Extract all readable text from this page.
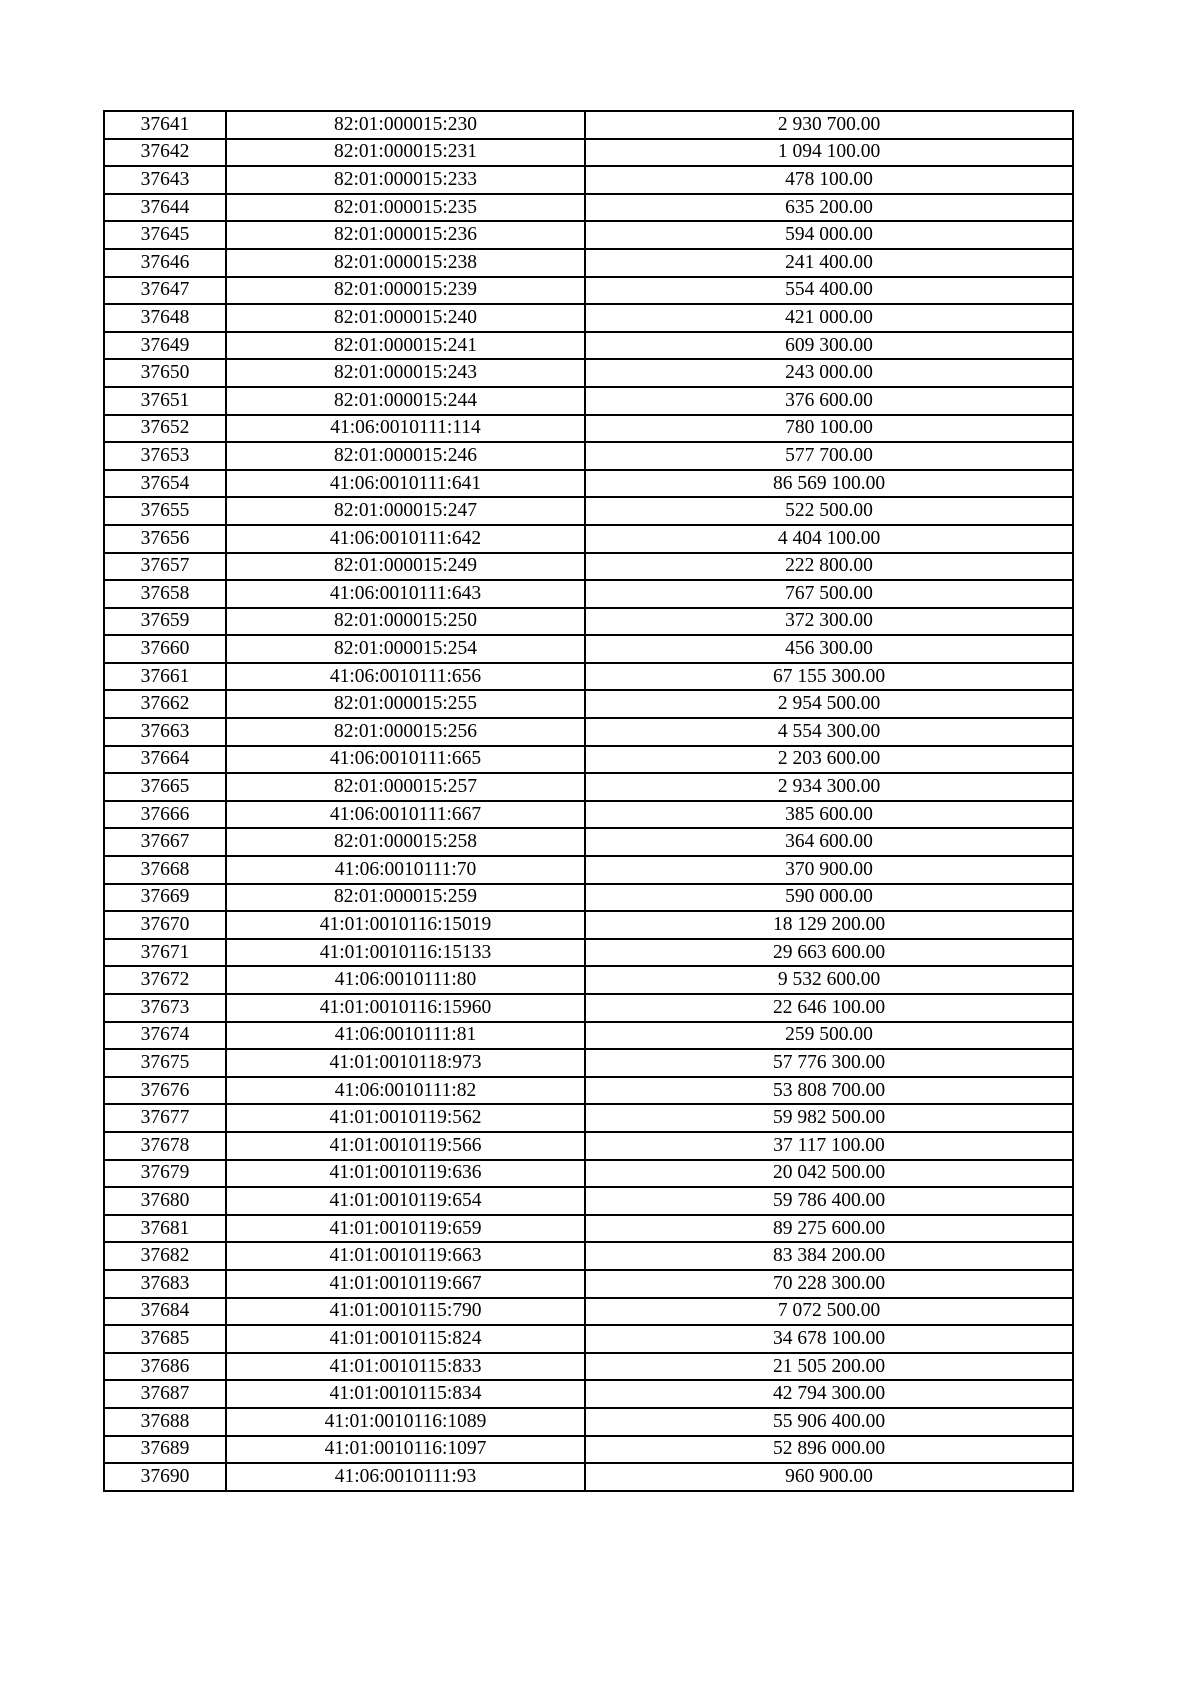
37641	82:01:000015:230	2 930 700.00
37642	82:01:000015:231	1 094 100.00
37643	82:01:000015:233	478 100.00
37644	82:01:000015:235	635 200.00
37645	82:01:000015:236	594 000.00
37646	82:01:000015:238	241 400.00
37647	82:01:000015:239	554 400.00
37648	82:01:000015:240	421 000.00
37649	82:01:000015:241	609 300.00
37650	82:01:000015:243	243 000.00
37651	82:01:000015:244	376 600.00
37652	41:06:0010111:114	780 100.00
37653	82:01:000015:246	577 700.00
37654	41:06:0010111:641	86 569 100.00
37655	82:01:000015:247	522 500.00
37656	41:06:0010111:642	4 404 100.00
37657	82:01:000015:249	222 800.00
37658	41:06:0010111:643	767 500.00
37659	82:01:000015:250	372 300.00
37660	82:01:000015:254	456 300.00
37661	41:06:0010111:656	67 155 300.00
37662	82:01:000015:255	2 954 500.00
37663	82:01:000015:256	4 554 300.00
37664	41:06:0010111:665	2 203 600.00
37665	82:01:000015:257	2 934 300.00
37666	41:06:0010111:667	385 600.00
37667	82:01:000015:258	364 600.00
37668	41:06:0010111:70	370 900.00
37669	82:01:000015:259	590 000.00
37670	41:01:0010116:15019	18 129 200.00
37671	41:01:0010116:15133	29 663 600.00
37672	41:06:0010111:80	9 532 600.00
37673	41:01:0010116:15960	22 646 100.00
37674	41:06:0010111:81	259 500.00
37675	41:01:0010118:973	57 776 300.00
37676	41:06:0010111:82	53 808 700.00
37677	41:01:0010119:562	59 982 500.00
37678	41:01:0010119:566	37 117 100.00
37679	41:01:0010119:636	20 042 500.00
37680	41:01:0010119:654	59 786 400.00
37681	41:01:0010119:659	89 275 600.00
37682	41:01:0010119:663	83 384 200.00
37683	41:01:0010119:667	70 228 300.00
37684	41:01:0010115:790	7 072 500.00
37685	41:01:0010115:824	34 678 100.00
37686	41:01:0010115:833	21 505 200.00
37687	41:01:0010115:834	42 794 300.00
37688	41:01:0010116:1089	55 906 400.00
37689	41:01:0010116:1097	52 896 000.00
37690	41:06:0010111:93	960 900.00
